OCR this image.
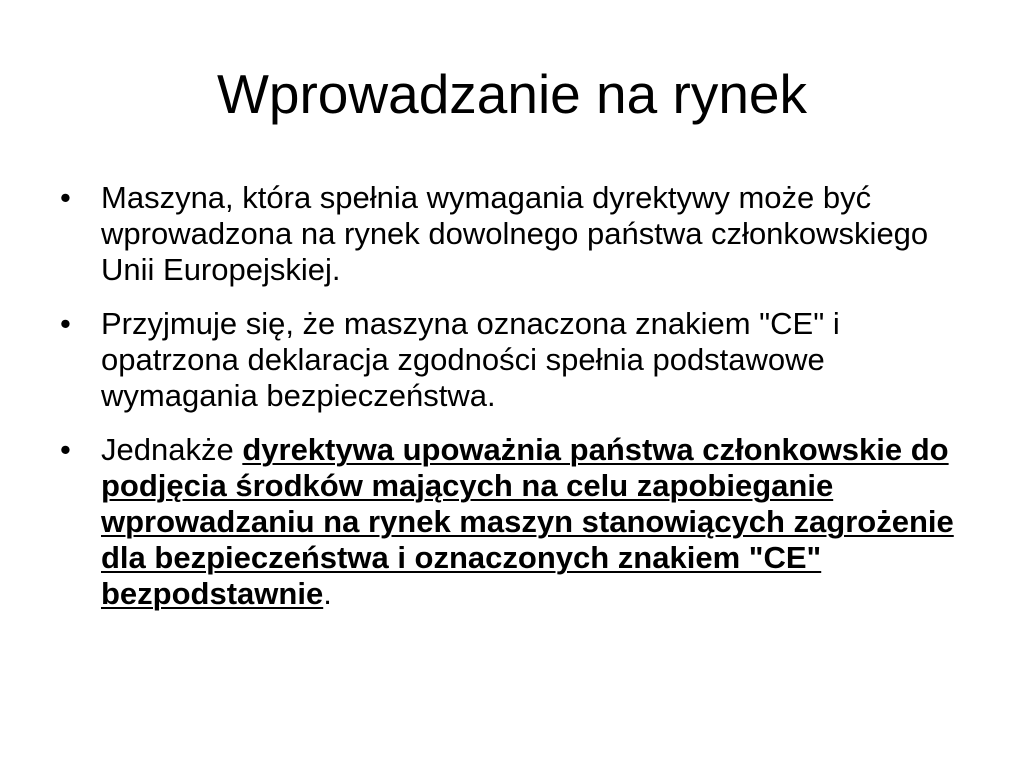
Wprowadzanie na rynek
• Maszyna, która spełnia wymagania dyrektywy może być wprowadzona na rynek dowolnego państwa członkowskiego Unii Europejskiej.
• Przyjmuje się, że maszyna oznaczona znakiem "CE" i opatrzona deklaracja zgodności spełnia podstawowe wymagania bezpieczeństwa.
• Jednakże dyrektywa upoważnia państwa członkowskie do podjęcia środków mających na celu zapobieganie wprowadzaniu na rynek maszyn stanowiących zagrożenie dla bezpieczeństwa i oznaczonych znakiem "CE" bezpodstawnie.
